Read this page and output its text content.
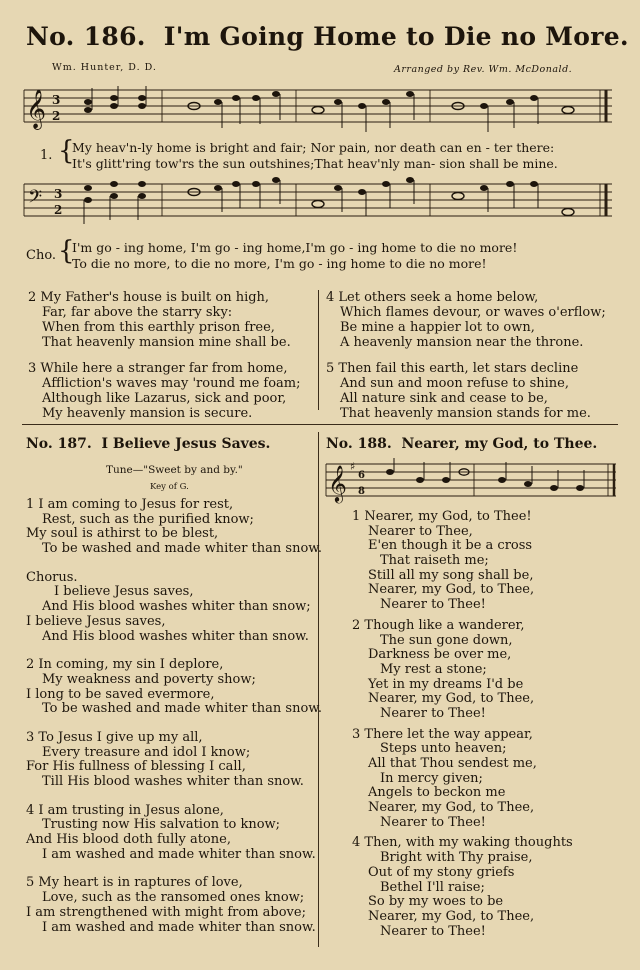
No. 186. I'm Going Home to Die no More.
Wm. Hunter, D. D.	Arranged by Rev. Wm. McDonald.
𝄞 3
2
1. {
My heav'n-ly home is bright and fair; Nor pain, nor death can en - ter there:
It's glitt'ring tow'rs the sun outshines;That heav'nly man- sion shall be mine.
𝄢 3
2
Cho. {
I'm go - ing home, I'm go - ing home,I'm go - ing home to die no more!
To die no more, to die no more, I'm go - ing home to die no more!
2 My Father's house is built on high,
Far, far above the starry sky:
When from this earthly prison free,
That heavenly mansion mine shall be.
3 While here a stranger far from home,
Affliction's waves may 'round me foam;
Although like Lazarus, sick and poor,
My heavenly mansion is secure.
4 Let others seek a home below,
Which flames devour, or waves o'erflow;
Be mine a happier lot to own,
A heavenly mansion near the throne.
5 Then fail this earth, let stars decline
And sun and moon refuse to shine,
All nature sink and cease to be,
That heavenly mansion stands for me.
No. 187. I Believe Jesus Saves.
Tune—"Sweet by and by."
Key of G.
1 I am coming to Jesus for rest,
Rest, such as the purified know;
My soul is athirst to be blest,
To be washed and made whiter than snow.
Chorus.
I believe Jesus saves,
And His blood washes whiter than snow;
I believe Jesus saves,
And His blood washes whiter than snow.
2 In coming, my sin I deplore,
My weakness and poverty show;
I long to be saved evermore,
To be washed and made whiter than snow.
3 To Jesus I give up my all,
Every treasure and idol I know;
For His fullness of blessing I call,
Till His blood washes whiter than snow.
4 I am trusting in Jesus alone,
Trusting now His salvation to know;
And His blood doth fully atone,
I am washed and made whiter than snow.
5 My heart is in raptures of love,
Love, such as the ransomed ones know;
I am strengthened with might from above;
I am washed and made whiter than snow.
No. 188. Nearer, my God, to Thee.
𝄞 ♯
6
8
1 Nearer, my God, to Thee!
Nearer to Thee,
E'en though it be a cross
That raiseth me;
Still all my song shall be,
Nearer, my God, to Thee,
Nearer to Thee!
2 Though like a wanderer,
The sun gone down,
Darkness be over me,
My rest a stone;
Yet in my dreams I'd be
Nearer, my God, to Thee,
Nearer to Thee!
3 There let the way appear,
Steps unto heaven;
All that Thou sendest me,
In mercy given;
Angels to beckon me
Nearer, my God, to Thee,
Nearer to Thee!
4 Then, with my waking thoughts
Bright with Thy praise,
Out of my stony griefs
Bethel I'll raise;
So by my woes to be
Nearer, my God, to Thee,
Nearer to Thee!
